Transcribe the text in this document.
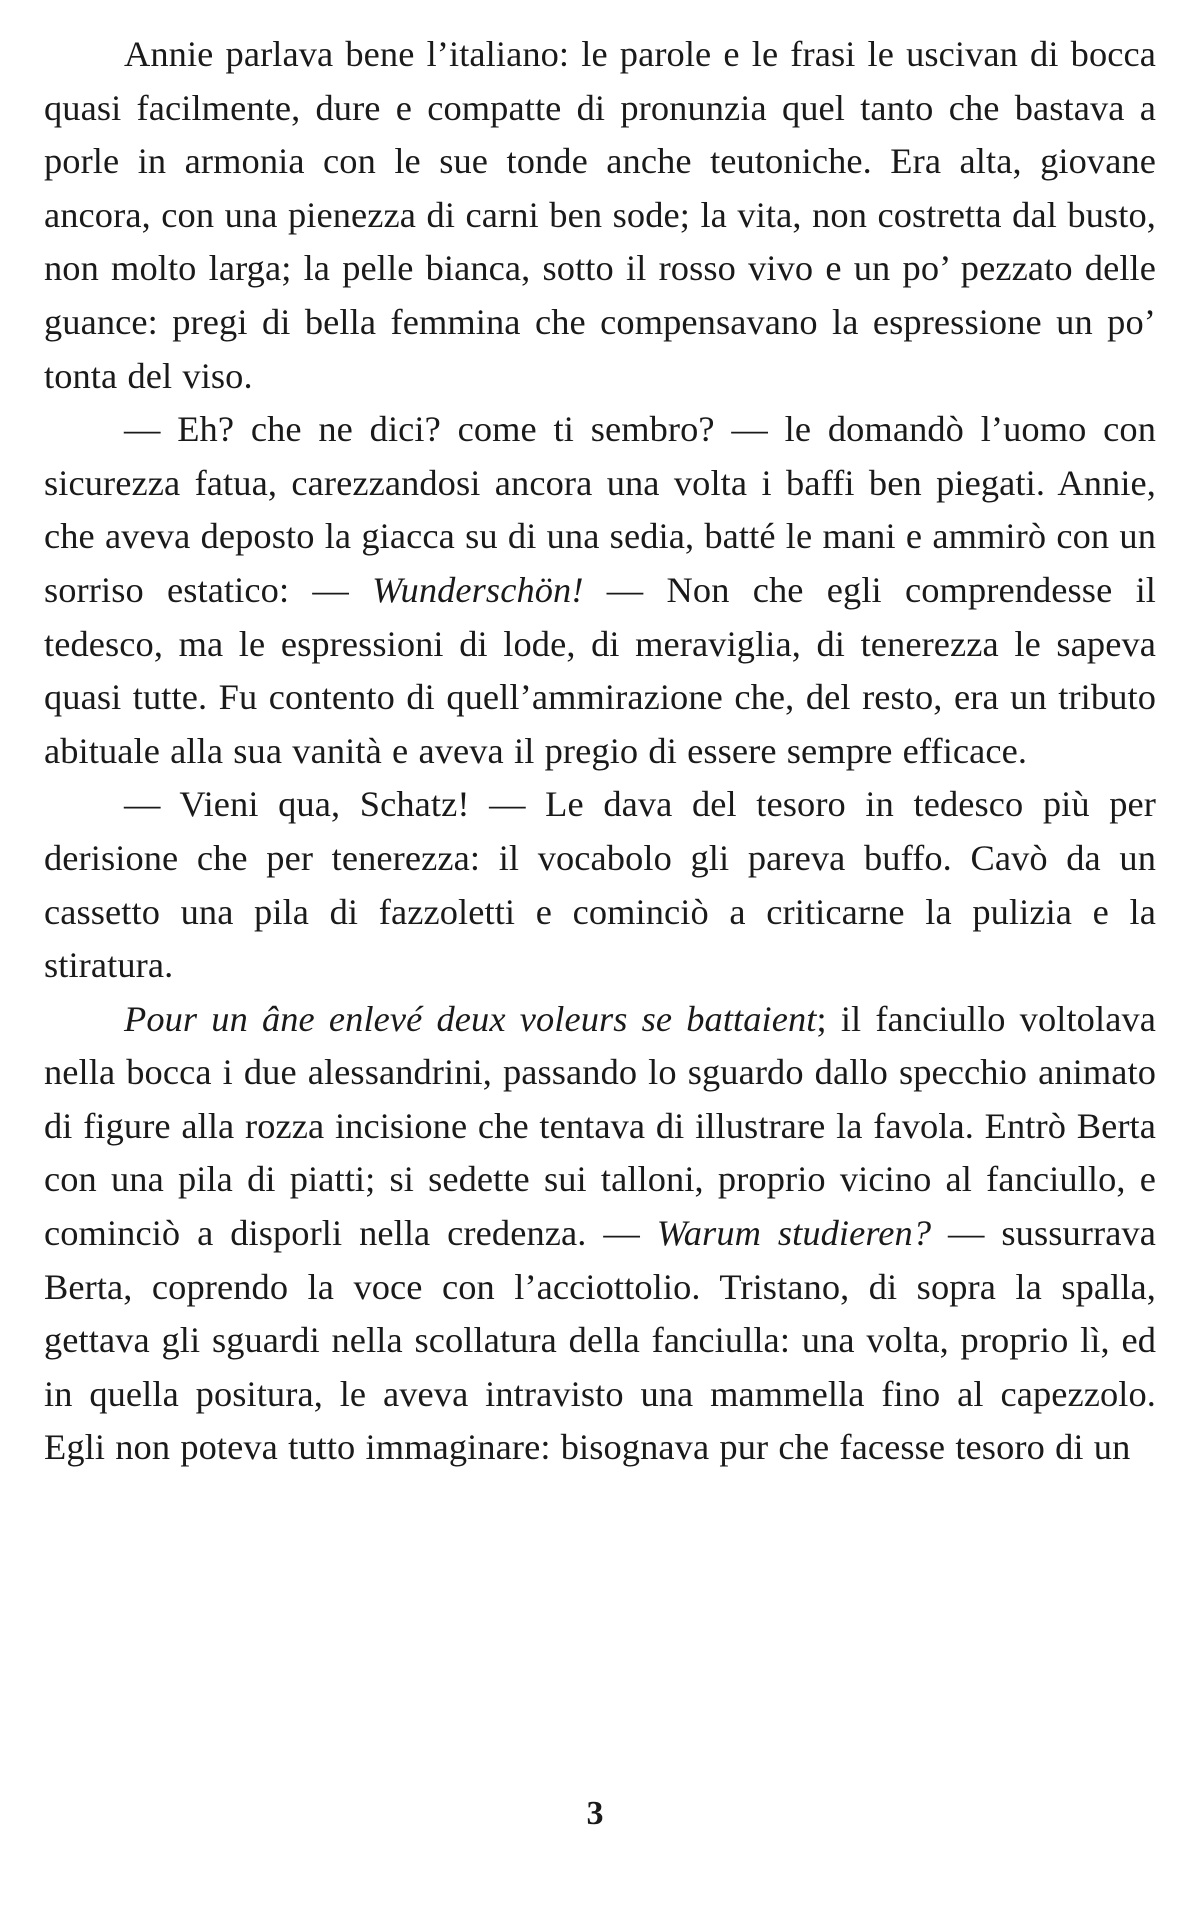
Annie parlava bene l’italiano: le parole e le frasi le uscivan di bocca quasi facilmente, dure e compatte di pronunzia quel tanto che bastava a porle in armonia con le sue tonde anche teutoniche. Era alta, giovane ancora, con una pienezza di carni ben sode; la vita, non costretta dal busto, non molto larga; la pelle bianca, sotto il rosso vivo e un po’ pezzato delle guance: pregi di bella femmina che compensavano la espressione un po’ tonta del viso.

— Eh? che ne dici? come ti sembro? — le domandò l’uomo con sicurezza fatua, carezzandosi ancora una volta i baffi ben piegati. Annie, che aveva deposto la giacca su di una sedia, batté le mani e ammirò con un sorriso estatico: — Wunderschön! — Non che egli comprendesse il tedesco, ma le espressioni di lode, di meraviglia, di tenerezza le sapeva quasi tutte. Fu contento di quell’ammirazione che, del resto, era un tributo abituale alla sua vanità e aveva il pregio di essere sempre efficace.

— Vieni qua, Schatz! — Le dava del tesoro in tedesco più per derisione che per tenerezza: il vocabolo gli pareva buffo. Cavò da un cassetto una pila di fazzoletti e cominciò a criticarne la pulizia e la stiratura.

Pour un âne enlevé deux voleurs se battaient; il fanciullo voltolava nella bocca i due alessandrini, passando lo sguardo dallo specchio animato di figure alla rozza incisione che tentava di illustrare la favola. Entrò Berta con una pila di piatti; si sedette sui talloni, proprio vicino al fanciullo, e cominciò a disporli nella credenza. — Warum studieren? — sussurrava Berta, coprendo la voce con l’acciottolio. Tristano, di sopra la spalla, gettava gli sguardi nella scollatura della fanciulla: una volta, proprio lì, ed in quella positura, le aveva intravisto una mammella fino al capezzolo. Egli non poteva tutto immaginare: bisognava pur che facesse tesoro di un

3
